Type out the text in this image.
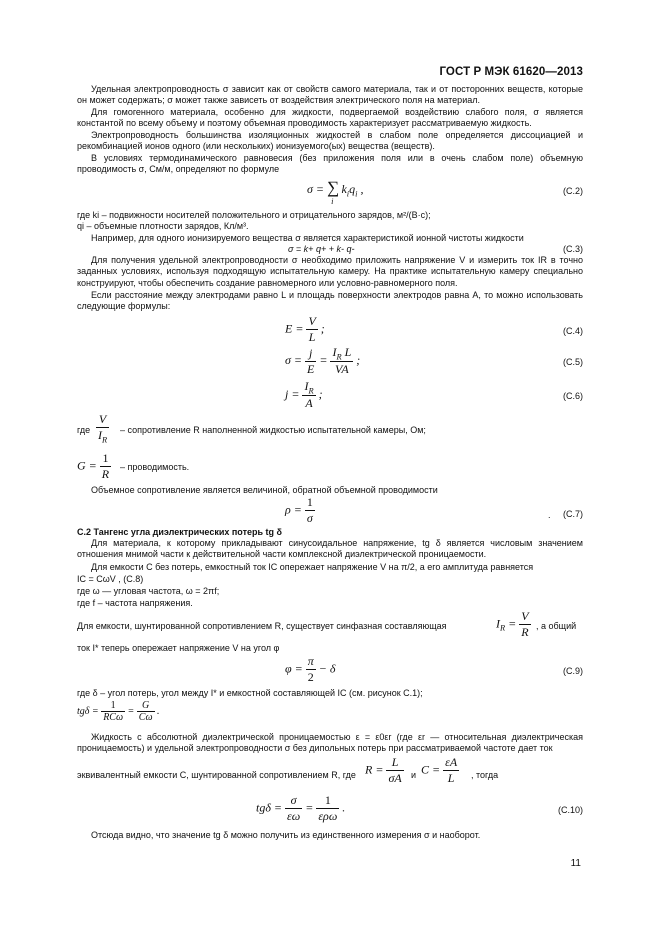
ГОСТ Р МЭК 61620—2013

Удельная электропроводность σ зависит как от свойств самого материала, так и от посторонних веществ, которые он может содержать; σ может также зависеть от воздействия электрического поля на материал.

Для гомогенного материала, особенно для жидкости, подвергаемой воздействию слабого поля, σ является константой по всему объему и поэтому объемная проводимость характеризует рассматриваемую жидкость.

Электропроводность большинства изоляционных жидкостей в слабом поле определяется диссоциацией и рекомбинацией ионов одного (или нескольких) ионизуемого(ых) вещества (веществ).

В условиях термодинамического равновесия (без приложения поля или в очень слабом поле) объемную проводимость σ, См/м, определяют по формуле

$\sigma = \sum_ik_iq_i$ ,	(С.2)
где ki – подвижности носителей положительного и отрицательного зарядов, м²/(В·с);
qi – объемные плотности зарядов, Кл/м³.
Например, для одного ионизируемого вещества σ является характеристикой ионной чистоты жидкости
σ = k+ q+ + k- q-	(С.3)

Для получения удельной электропроводности σ необходимо приложить напряжение V и измерить ток IR в точно заданных условиях, используя подходящую испытательную камеру. На практике испытательную камеру специально конструируют, чтобы обеспечить создание равномерного или условно-равномерного поля.

Если расстояние между электродами равно L и площадь поверхности электродов равна A, то можно использовать следующие формулы:

$E = \frac{V}{L}$ ;	(С.4)
$\sigma = \frac{j}{E} = \frac{I_R L}{VA}$ ;	(С.5)
$j = \frac{I_R}{A}$ ;	(С.6)
где $\frac{V}{I_R}$ – сопротивление R наполненной жидкостью испытательной камеры, Ом;
$G = \frac{1}{R}$ – проводимость.
Объемное сопротивление является величиной, обратной объемной проводимости
$\rho = \frac{1}{\sigma}$	. (С.7)
С.2 Тангенс угла диэлектрических потерь tg δ

Для материала, к которому прикладывают синусоидальное напряжение, tg δ является числовым значением отношения мнимой части к действительной части комплексной диэлектрической проницаемости.

Для емкости С без потерь, емкостный ток IC опережает напряжение V на π/2, а его амплитуда равняется
IC = CωV , (С.8)
где ω — угловая частота, ω = 2πf;
где f – частота напряжения.
Для емкости, шунтированной сопротивлением R, существует синфазная составляющая	$I_R = \frac{V}{R}$ , а общий
ток I* теперь опережает напряжение V на угол φ
$\varphi = \frac{\pi}{2} - \delta$	(С.9)
где δ – угол потерь, угол между I* и емкостной составляющей IC (см. рисунок С.1);
$tg\delta = \frac{1}{\text{RCω}} = \frac{G}{C\omega}$ .

Жидкость с абсолютной диэлектрической проницаемостью ε = ε0εr (где εr — относительная диэлектрическая проницаемость) и удельной электропроводности σ без дипольных потерь при рассматриваемой частоте дает ток

эквивалентный емкости С, шунтированной сопротивлением R, где $R = \frac{L}{\sigma A}$ и $C = \frac{\varepsilon A}{L}$ , тогда
$tg\delta = \frac{\sigma}{\varepsilon\omega} = \frac{1}{\text{ερω}}$ .	(С.10)
Отсюда видно, что значение tg δ можно получить из единственного измерения σ и наоборот.
11
